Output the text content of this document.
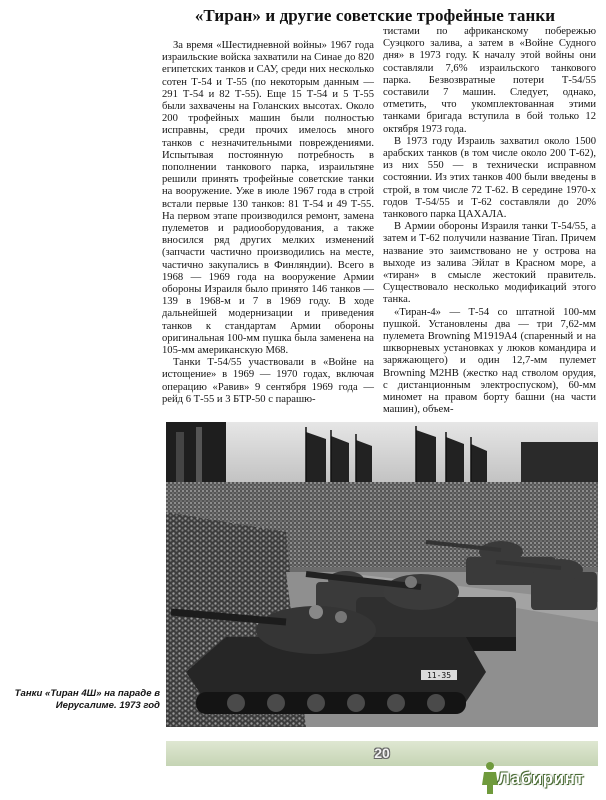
«Тиран» и другие советские трофейные танки

За время «Шестидневной войны» 1967 года израильские войска захватили на Синае до 820 египетских танков и САУ, среди них несколько сотен Т-54 и Т-55 (по некоторым данным — 291 Т-54 и 82 Т-55). Еще 15 Т-54 и 5 Т-55 были захвачены на Голанских высотах. Около 200 трофейных машин были полностью исправны, среди прочих имелось много танков с незначительными повреждениями. Испытывая постоянную потребность в пополнении танкового парка, израильтяне решили принять трофейные советские танки на вооружение. Уже в июле 1967 года в строй встали первые 130 танков: 81 Т-54 и 49 Т-55. На первом этапе производился ремонт, замена пулеметов и радиооборудования, а также вносился ряд других мелких изменений (запчасти частично производились на месте, частично закупались в Финляндии). Всего в 1968 — 1969 года на вооружение Армии обороны Израиля было принято 146 танков — 139 в 1968-м и 7 в 1969 году. В ходе дальнейшей модернизации и приведения танков к стандартам Армии обороны оригинальная 100-мм пушка была заменена на 105-мм американскую М68.

Танки Т-54/55 участвовали в «Войне на истощение» в 1969 — 1970 годах, включая операцию «Равив» 9 сентября 1969 года — рейд 6 Т-55 и 3 БТР-50 с парашю-

тистами по африканскому побережью Суэцкого залива, а затем в «Войне Судного дня» в 1973 году. К началу этой войны они составляли 7,6% израильского танкового парка. Безвозвратные потери Т-54/55 составили 7 машин. Следует, однако, отметить, что укомплектованная этими танками бригада вступила в бой только 12 октября 1973 года.

В 1973 году Израиль захватил около 1500 арабских танков (в том числе около 200 Т-62), из них 550 — в технически исправном состоянии. Из этих танков 400 были введены в строй, в том числе 72 Т-62. В середине 1970-х годов Т-54/55 и Т-62 составляли до 20% танкового парка ЦАХАЛА.

В Армии обороны Израиля танки Т-54/55, а затем и Т-62 получили название Tiran. Причем название это заимствовано не у острова на выходе из залива Эйлат в Красном море, а «тиран» в смысле жестокий правитель. Существовало несколько модификаций этого танка.

«Тиран-4» — Т-54 со штатной 100-мм пушкой. Установлены два — три 7,62-мм пулемета Browning M1919A4 (спаренный и на шкворневых установках у люков командира и заряжающего) и один 12,7-мм пулемет Browning M2HB (жестко над стволом орудия, с дистанционным электроспуском), 60-мм миномет на правом борту башни (на части машин), объем-

11-35
Танки «Тиран 4Ш» на параде в Иерусалиме. 1973 год
20
Лабиринт
